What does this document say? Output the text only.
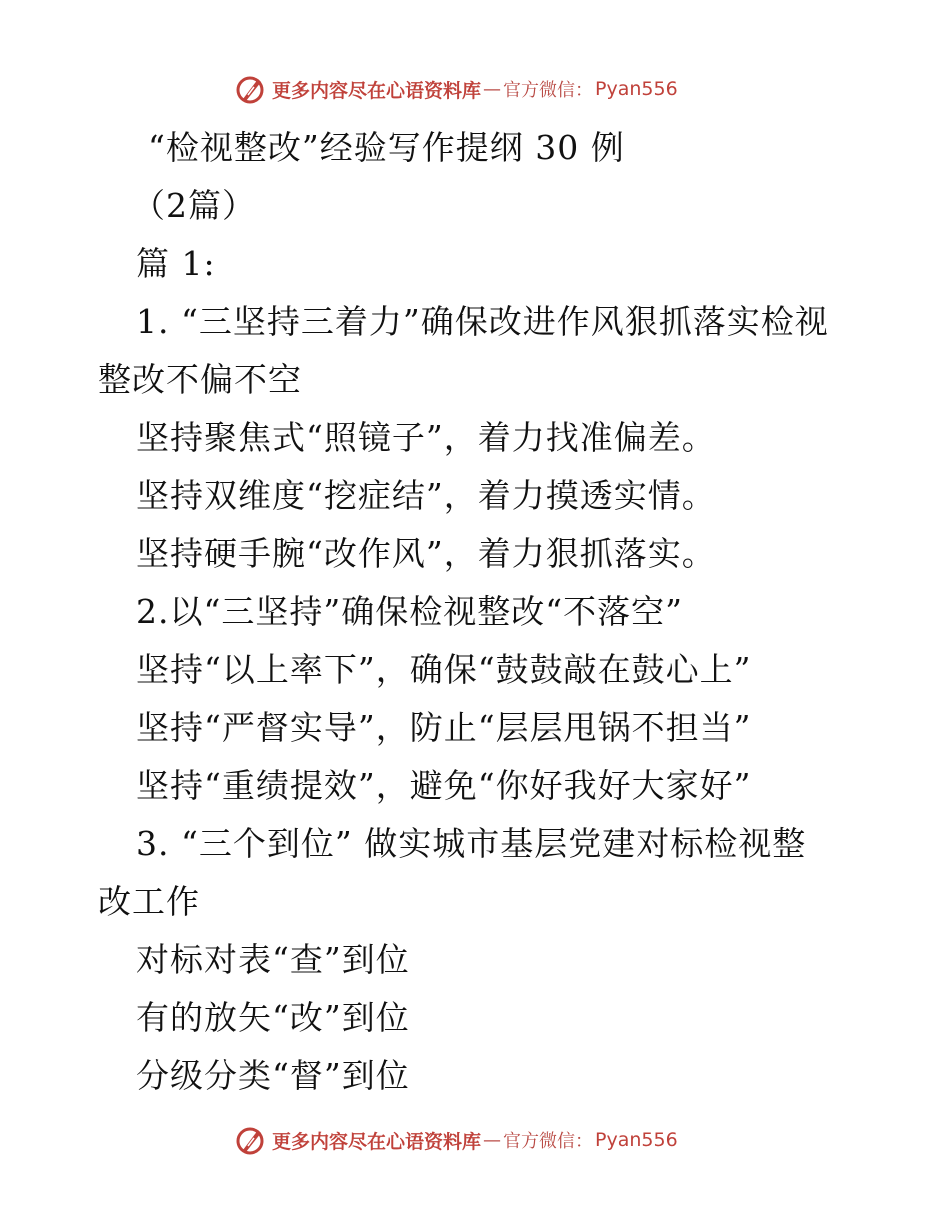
更多内容尽在心语资料库 — 官方微信： Pyan556
“检视整改”经验写作提纲 30 例
（2篇）
篇 1:
1. “三坚持三着力”确保改进作风狠抓落实检视
整改不偏不空
坚持聚焦式“照镜子”，着力找准偏差。
坚持双维度“挖症结”，着力摸透实情。
坚持硬手腕“改作风”，着力狠抓落实。
2.以“三坚持”确保检视整改“不落空”
坚持“以上率下”，确保“鼓鼓敲在鼓心上”
坚持“严督实导”，防止“层层甩锅不担当”
坚持“重绩提效”，避免“你好我好大家好”
3. “三个到位” 做实城市基层党建对标检视整
改工作
对标对表“查”到位
有的放矢“改”到位
分级分类“督”到位
更多内容尽在心语资料库 — 官方微信： Pyan556
